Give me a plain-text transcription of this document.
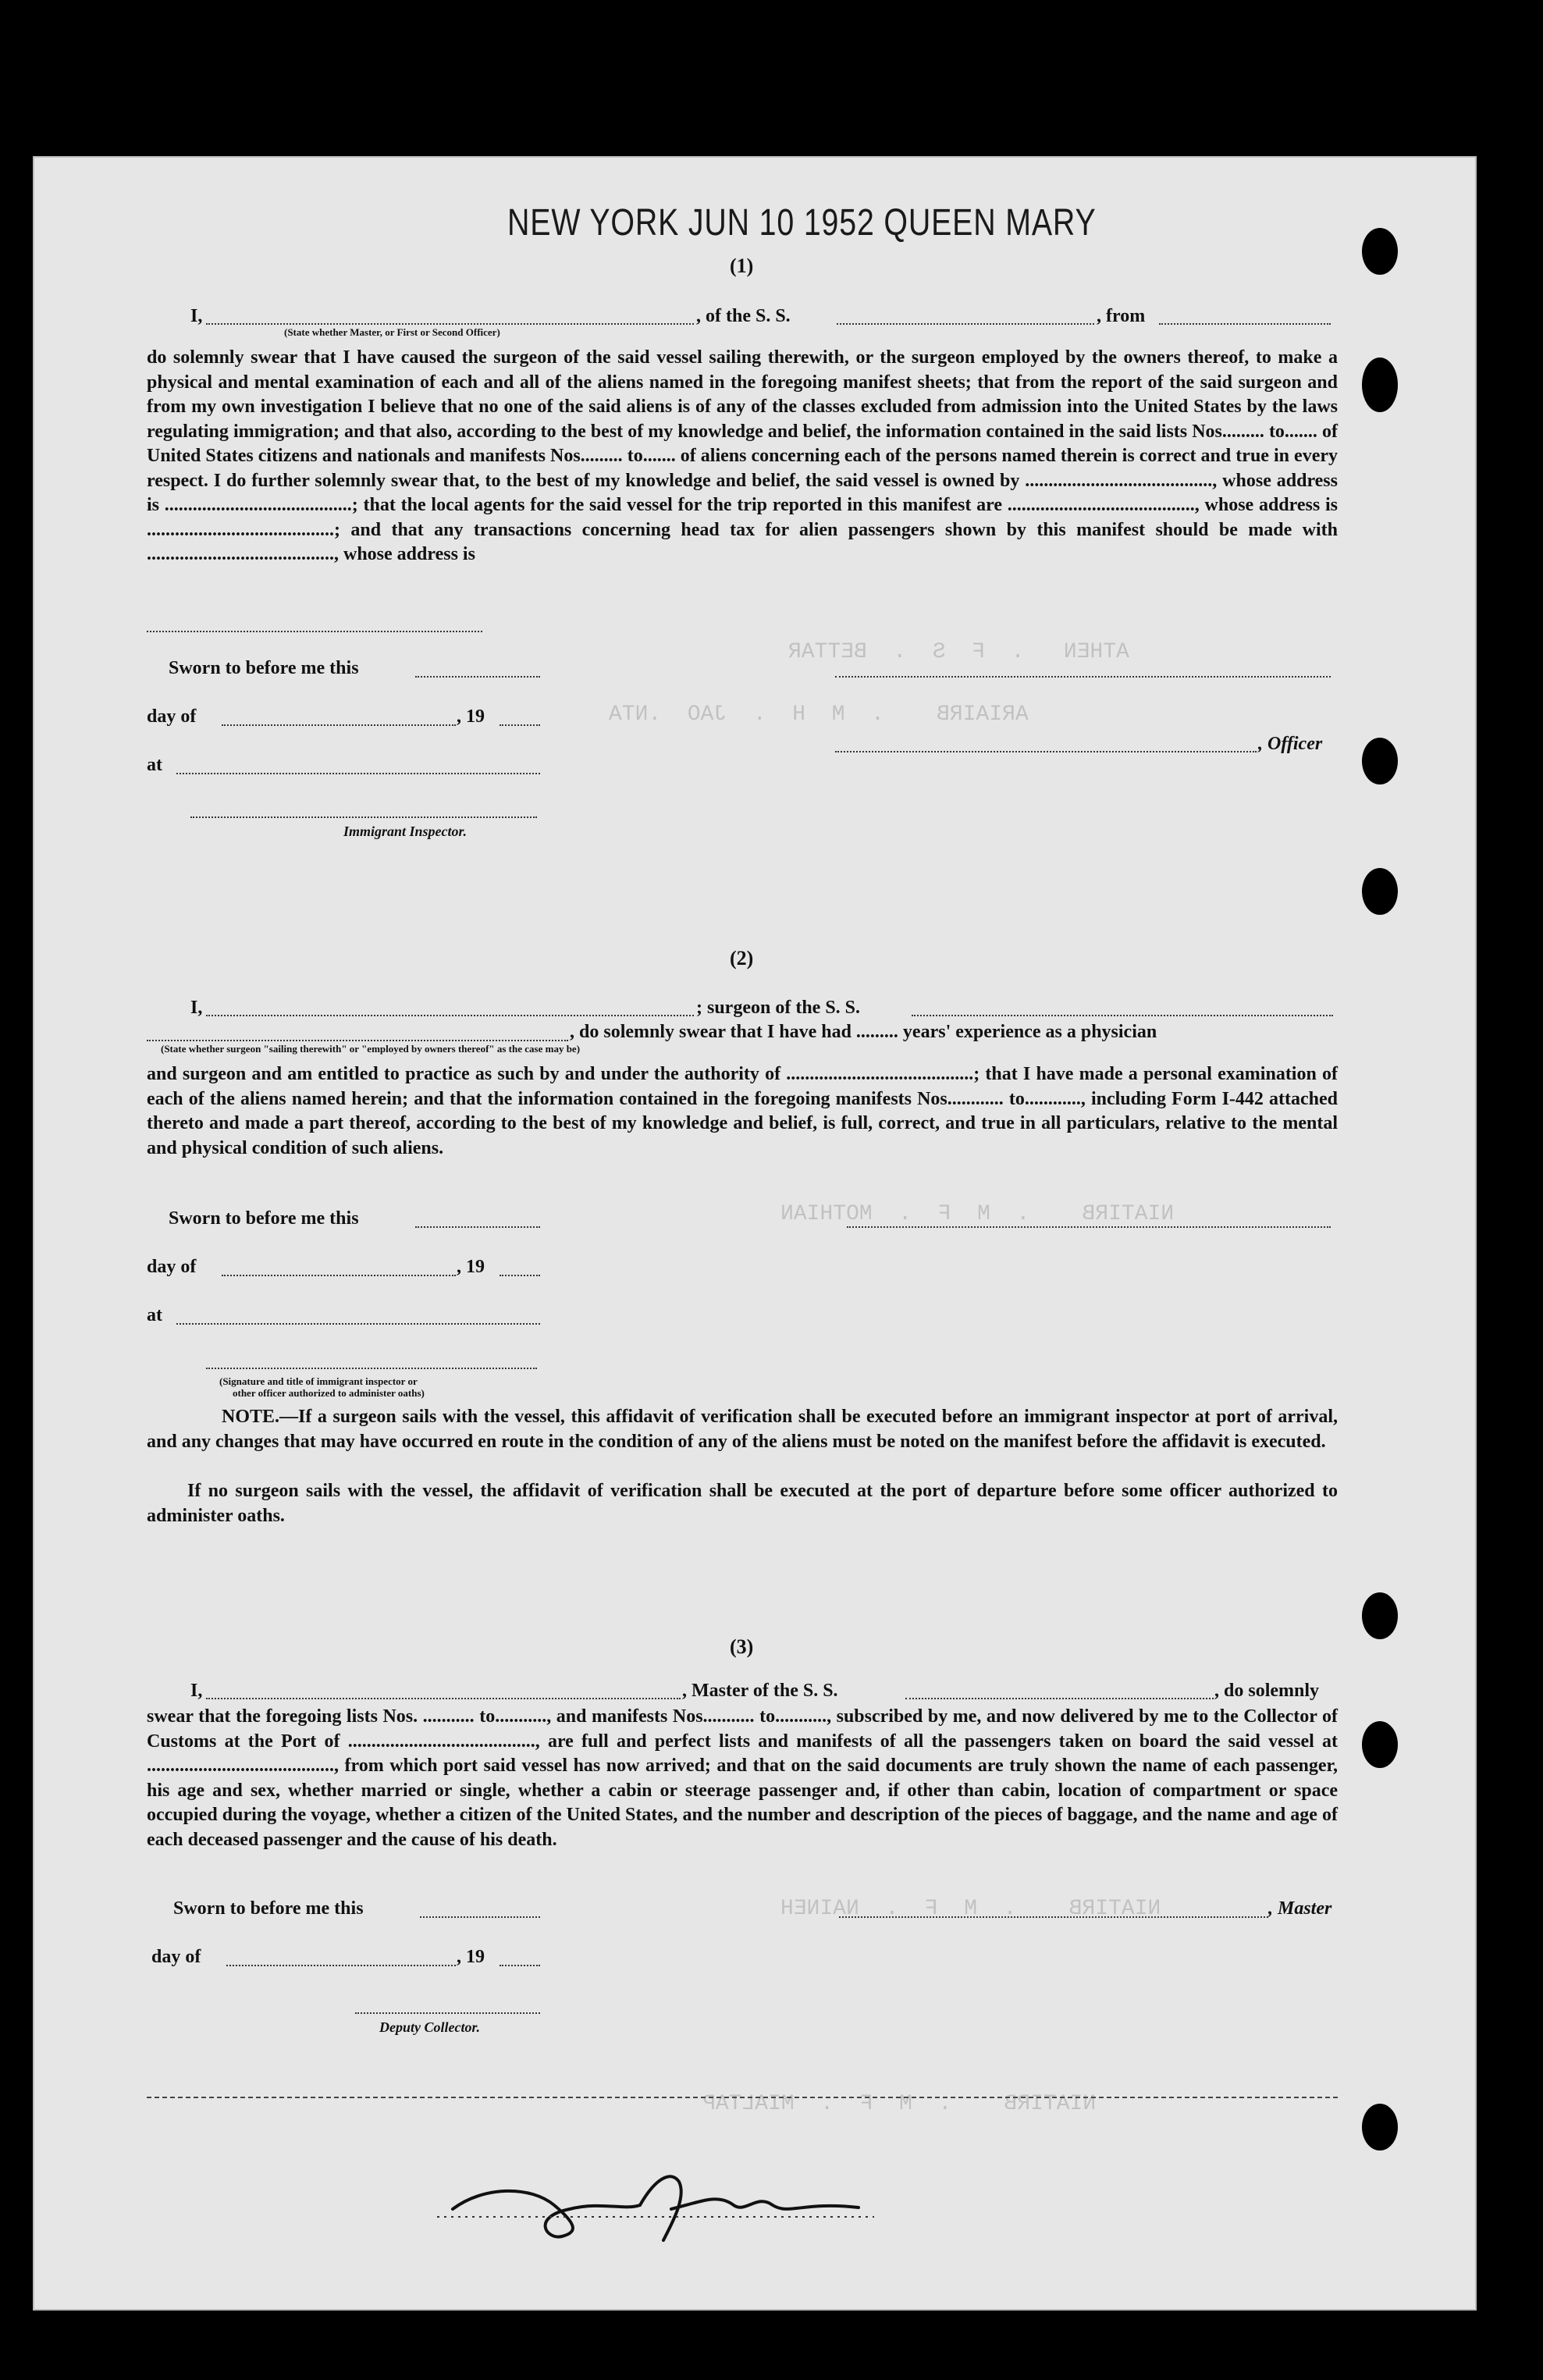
ATHEN   .  F  S  .  BETTAR
ARIAIRB    .  M  H  .  JAO  .NTA
NIATIRB    .  M  F  .  MOTHIAN
NIATIRB    .  M  F  .  NAINEH
NIATIRB    .  M  F  .  MIALTAP
NEW YORK JUN 10 1952 QUEEN MARY
(1)
I,	, of the S. S.	, from
(State whether Master, or First or Second Officer)
do solemnly swear that I have caused the surgeon of the said vessel sailing therewith, or the surgeon employed by the owners thereof, to make a physical and mental examination of each and all of the aliens named in the foregoing manifest sheets; that from the report of the said surgeon and from my own investigation I believe that no one of the said aliens is of any of the classes excluded from admission into the United States by the laws regulating immigration; and that also, according to the best of my knowledge and belief, the information contained in the said lists Nos......... to....... of United States citizens and nationals and manifests Nos......... to....... of aliens concerning each of the persons named therein is correct and true in every respect. I do further solemnly swear that, to the best of my knowledge and belief, the said vessel is owned by ........................................, whose address is ........................................; that the local agents for the said vessel for the trip reported in this manifest are ........................................, whose address is ........................................; and that any transactions concerning head tax for alien passengers shown by this manifest should be made with ........................................, whose address is
Sworn to before me this
day of	, 19
, Officer
at
Immigrant Inspector.
(2)
I,	; surgeon of the S. S.
, do solemnly swear that I have had ......... years' experience as a physician
(State whether surgeon "sailing therewith" or "employed by owners thereof" as the case may be)
and surgeon and am entitled to practice as such by and under the authority of ........................................; that I have made a personal examination of each of the aliens named herein; and that the information contained in the foregoing manifests Nos............ to............, including Form I-442 attached thereto and made a part thereof, according to the best of my knowledge and belief, is full, correct, and true in all particulars, relative to the mental and physical condition of such aliens.
Sworn to before me this
day of	, 19
at
(Signature and title of immigrant inspector or
other officer authorized to administer oaths)
NOTE.—If a surgeon sails with the vessel, this affidavit of verification shall be executed before an immigrant inspector at port of arrival, and any changes that may have occurred en route in the condition of any of the aliens must be noted on the manifest before the affidavit is executed.
If no surgeon sails with the vessel, the affidavit of verification shall be executed at the port of departure before some officer authorized to administer oaths.
(3)
I,	, Master of the S. S.	, do solemnly
swear that the foregoing lists Nos. ........... to..........., and manifests Nos........... to..........., subscribed by me, and now delivered by me to the Collector of Customs at the Port of ........................................, are full and perfect lists and manifests of all the passengers taken on board the said vessel at ........................................, from which port said vessel has now arrived; and that on the said documents are truly shown the name of each passenger, his age and sex, whether married or single, whether a cabin or steerage passenger and, if other than cabin, location of compartment or space occupied during the voyage, whether a citizen of the United States, and the number and description of the pieces of baggage, and the name and age of each deceased passenger and the cause of his death.
Sworn to before me this	, Master
day of	, 19
Deputy Collector.
